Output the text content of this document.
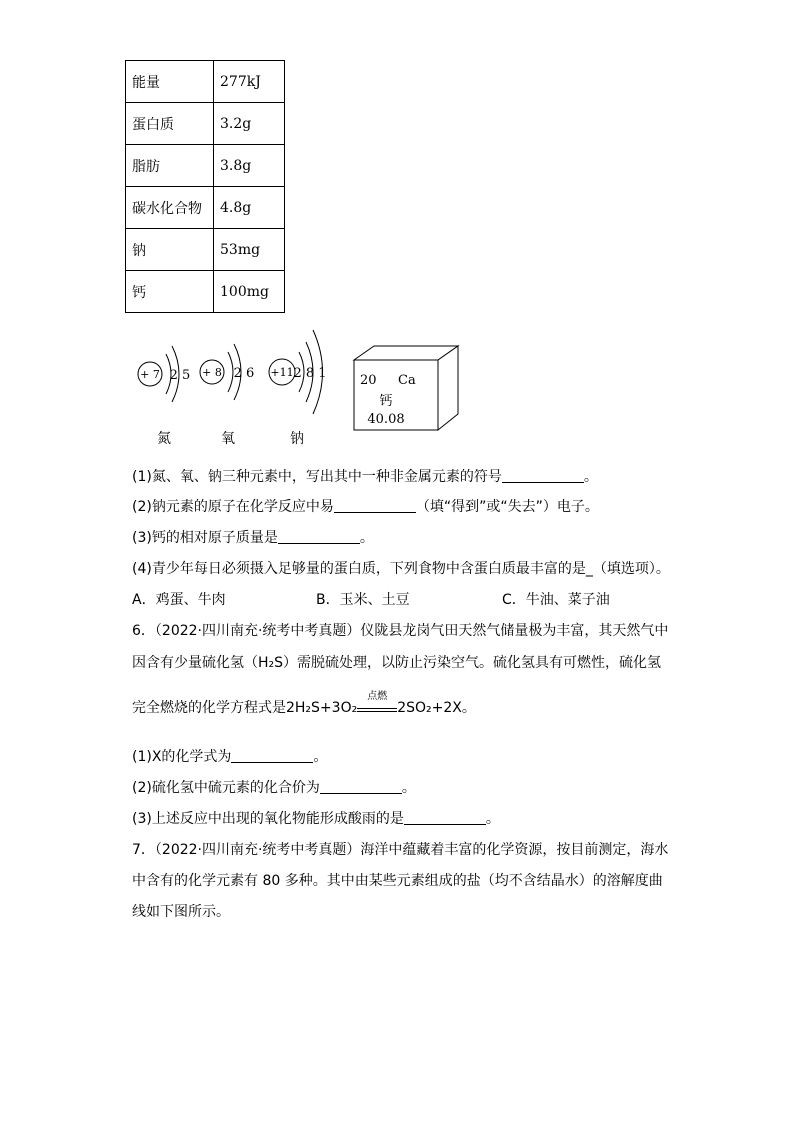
能量	277kJ
蛋白质	3.2g
脂肪	3.8g
碳水化合物	4.8g
钠	53mg
钙	100mg
+ 7 2 5 + 8 2 6 +11 2 8 1	20 Ca
钙
40.08
氮	氧	钠
(1)氮、氧、钠三种元素中，写出其中一种非金属元素的符号	。
(2)钠元素的原子在化学反应中易	（填“得到”或“失去”）电子。
(3)钙的相对原子质量是	。
(4)青少年每日必须摄入足够量的蛋白质，下列食物中含蛋白质最丰富的是_（填选项）。
A．鸡蛋、牛肉	B．玉米、土豆	C．牛油、菜子油
6．（2022·四川南充·统考中考真题）仪陇县龙岗气田天然气储量极为丰富，其天然气中
因含有少量硫化氢（H₂S）需脱硫处理，以防止污染空气。硫化氢具有可燃性，硫化氢
完全燃烧的化学方程式是2H₂S+3O₂
点燃
2SO₂+2X。
(1)X的化学式为	。
(2)硫化氢中硫元素的化合价为	。
(3)上述反应中出现的氧化物能形成酸雨的是	。
7．（2022·四川南充·统考中考真题）海洋中蕴藏着丰富的化学资源，按目前测定，海水
中含有的化学元素有 80 多种。其中由某些元素组成的盐（均不含结晶水）的溶解度曲
线如下图所示。
